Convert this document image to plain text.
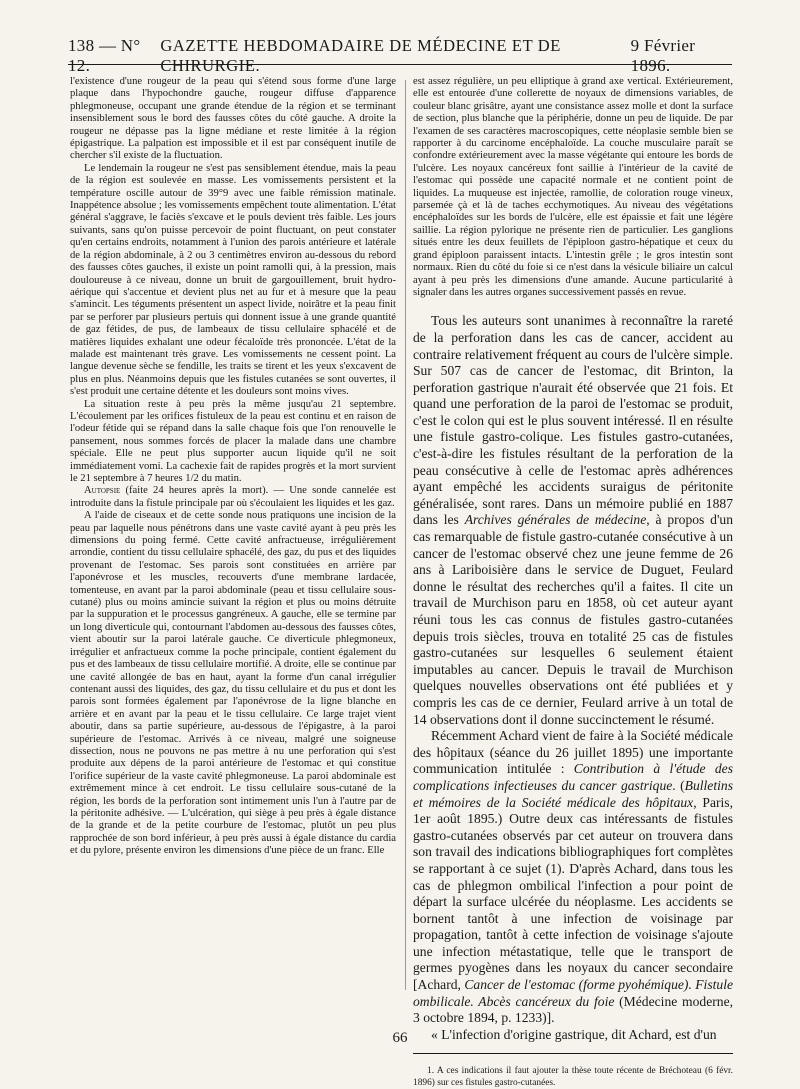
138 — N° 12.
GAZETTE HEBDOMADAIRE DE MÉDECINE ET DE CHIRURGIE.
9 Février 1896.

l'existence d'une rougeur de la peau qui s'étend sous forme d'une large plaque dans l'hypochondre gauche, rougeur diffuse d'apparence phlegmoneuse, occupant une grande étendue de la région et se terminant insensiblement sous le bord des fausses côtes du côté gauche. A droite la rougeur ne dépasse pas la ligne médiane et reste limitée à la région épigastrique. La palpation est impossible et il est par conséquent inutile de chercher s'il existe de la fluctuation.

Le lendemain la rougeur ne s'est pas sensiblement étendue, mais la peau de la région est soulevée en masse. Les vomissements persistent et la température oscille autour de 39°9 avec une faible rémission matinale. Inappétence absolue ; les vomissements empêchent toute alimentation. L'état général s'aggrave, le faciès s'excave et le pouls devient très faible. Les jours suivants, sans qu'on puisse percevoir de point fluctuant, on peut constater qu'en certains endroits, notamment à l'union des parois antérieure et latérale de la région abdominale, à 2 ou 3 centimètres environ au-dessous du rebord des fausses côtes gauches, il existe un point ramolli qui, à la pression, mais douloureuse à ce niveau, donne un bruit de gargouillement, bruit hydro-aérique qui s'accentue et devient plus net au fur et à mesure que la peau s'amincit. Les téguments présentent un aspect livide, noirâtre et la peau finit par se perforer par plusieurs pertuis qui donnent issue à une grande quantité de gaz fétides, de pus, de lambeaux de tissu cellulaire sphacélé et de matières liquides exhalant une odeur fécaloïde très prononcée. L'état de la malade est maintenant très grave. Les vomissements ne cessent point. La langue devenue sèche se fendille, les traits se tirent et les yeux s'excavent de plus en plus. Néanmoins depuis que les fistules cutanées se sont ouvertes, il s'est produit une certaine détente et les douleurs sont moins vives.

La situation reste à peu près la même jusqu'au 21 septembre. L'écoulement par les orifices fistuleux de la peau est continu et en raison de l'odeur fétide qui se répand dans la salle chaque fois que l'on renouvelle le pansement, nous sommes forcés de placer la malade dans une chambre spéciale. Elle ne peut plus supporter aucun liquide qu'il ne soit immédiatement vomi. La cachexie fait de rapides progrès et la mort survient le 21 septembre à 7 heures 1/2 du matin.

Autopsie (faite 24 heures après la mort). — Une sonde cannelée est introduite dans la fistule principale par où s'écoulaient les liquides et les gaz.

A l'aide de ciseaux et de cette sonde nous pratiquons une incision de la peau par laquelle nous pénétrons dans une vaste cavité ayant à peu près les dimensions du poing fermé. Cette cavité anfractueuse, irrégulièrement arrondie, contient du tissu cellulaire sphacélé, des gaz, du pus et des liquides provenant de l'estomac. Ses parois sont constituées en arrière par l'aponévrose et les muscles, recouverts d'une membrane lardacée, tomenteuse, en avant par la paroi abdominale (peau et tissu cellulaire sous-cutané) plus ou moins amincie suivant la région et plus ou moins détruite par la suppuration et le processus gangréneux. A gauche, elle se termine par un long diverticule qui, contournant l'abdomen au-dessous des fausses côtes, vient aboutir sur la paroi latérale gauche. Ce diverticule phlegmoneux, irrégulier et anfractueux comme la poche principale, contient également du pus et des lambeaux de tissu cellulaire mortifié. A droite, elle se continue par une cavité allongée de bas en haut, ayant la forme d'un canal irrégulier contenant aussi des liquides, des gaz, du tissu cellulaire et du pus et dont les parois sont formées également par l'aponévrose de la ligne blanche en arrière et en avant par la peau et le tissu cellulaire. Ce large trajet vient aboutir, dans sa partie supérieure, au-dessous de l'épigastre, à la paroi supérieure de l'estomac. Arrivés à ce niveau, malgré une soigneuse dissection, nous ne pouvons ne pas mettre à nu une perforation qui s'est produite aux dépens de la paroi antérieure de l'estomac et qui constitue l'orifice supérieur de la vaste cavité phlegmoneuse. La paroi abdominale est extrêmement mince à cet endroit. Le tissu cellulaire sous-cutané de la région, les bords de la perforation sont intimement unis l'un à l'autre par de la péritonite adhésive. — L'ulcération, qui siège à peu près à égale distance de la grande et de la petite courbure de l'estomac, plutôt un peu plus rapprochée de son bord inférieur, à peu près aussi à égale distance du cardia et du pylore, présente environ les dimensions d'une pièce de un franc. Elle

est assez régulière, un peu elliptique à grand axe vertical. Extérieurement, elle est entourée d'une collerette de noyaux de dimensions variables, de couleur blanc grisâtre, ayant une consistance assez molle et dont la surface de section, plus blanche que la périphérie, donne un peu de liquide. De par l'examen de ses caractères macroscopiques, cette néoplasie semble bien se rapporter à du carcinome encéphaloïde. La couche musculaire paraît se confondre extérieurement avec la masse végétante qui entoure les bords de l'ulcère. Les noyaux cancéreux font saillie à l'intérieur de la cavité de l'estomac qui possède une capacité normale et ne contient point de liquides. La muqueuse est injectée, ramollie, de coloration rouge vineux, parsemée çà et là de taches ecchymotiques. Au niveau des végétations encéphaloïdes sur les bords de l'ulcère, elle est épaissie et fait une légère saillie. La région pylorique ne présente rien de particulier. Les ganglions situés entre les deux feuillets de l'épiploon gastro-hépatique et ceux du grand épiploon paraissent intacts. L'intestin grêle ; le gros intestin sont normaux. Rien du côté du foie si ce n'est dans la vésicule biliaire un calcul ayant à peu près les dimensions d'une amande. Aucune particularité à signaler dans les autres organes successivement passés en revue.

Tous les auteurs sont unanimes à reconnaître la rareté de la perforation dans les cas de cancer, accident au contraire relativement fréquent au cours de l'ulcère simple. Sur 507 cas de cancer de l'estomac, dit Brinton, la perforation gastrique n'aurait été observée que 21 fois. Et quand une perforation de la paroi de l'estomac se produit, c'est le colon qui est le plus souvent intéressé. Il en résulte une fistule gastro-colique. Les fistules gastro-cutanées, c'est-à-dire les fistules résultant de la perforation de la peau consécutive à celle de l'estomac après adhérences ayant empêché les accidents suraigus de péritonite généralisée, sont rares. Dans un mémoire publié en 1887 dans les Archives générales de médecine, à propos d'un cas remarquable de fistule gastro-cutanée consécutive à un cancer de l'estomac observé chez une jeune femme de 26 ans à Lariboisière dans le service de Duguet, Feulard donne le résultat des recherches qu'il a faites. Il cite un travail de Murchison paru en 1858, où cet auteur ayant réuni tous les cas connus de fistules gastro-cutanées depuis trois siècles, trouva en totalité 25 cas de fistules gastro-cutanées sur lesquelles 6 seulement étaient imputables au cancer. Depuis le travail de Murchison quelques nouvelles observations ont été publiées et y compris les cas de ce dernier, Feulard arrive à un total de 14 observations dont il donne succinctement le résumé.

Récemment Achard vient de faire à la Société médicale des hôpitaux (séance du 26 juillet 1895) une importante communication intitulée : Contribution à l'étude des complications infectieuses du cancer gastrique. (Bulletins et mémoires de la Société médicale des hôpitaux, Paris, 1er août 1895.) Outre deux cas intéressants de fistules gastro-cutanées observés par cet auteur on trouvera dans son travail des indications bibliographiques fort complètes se rapportant à ce sujet (1). D'après Achard, dans tous les cas de phlegmon ombilical l'infection a pour point de départ la surface ulcérée du néoplasme. Les accidents se bornent tantôt à une infection de voisinage par propagation, tantôt à cette infection de voisinage s'ajoute une infection métastatique, telle que le transport de germes pyogènes dans les noyaux du cancer secondaire [Achard, Cancer de l'estomac (forme pyohémique). Fistule ombilicale. Abcès cancéreux du foie (Médecine moderne, 3 octobre 1894, p. 1233)].

« L'infection d'origine gastrique, dit Achard, est d'un

1. A ces indications il faut ajouter la thèse toute récente de Bréchoteau (6 févr. 1896) sur ces fistules gastro-cutanées.

66
